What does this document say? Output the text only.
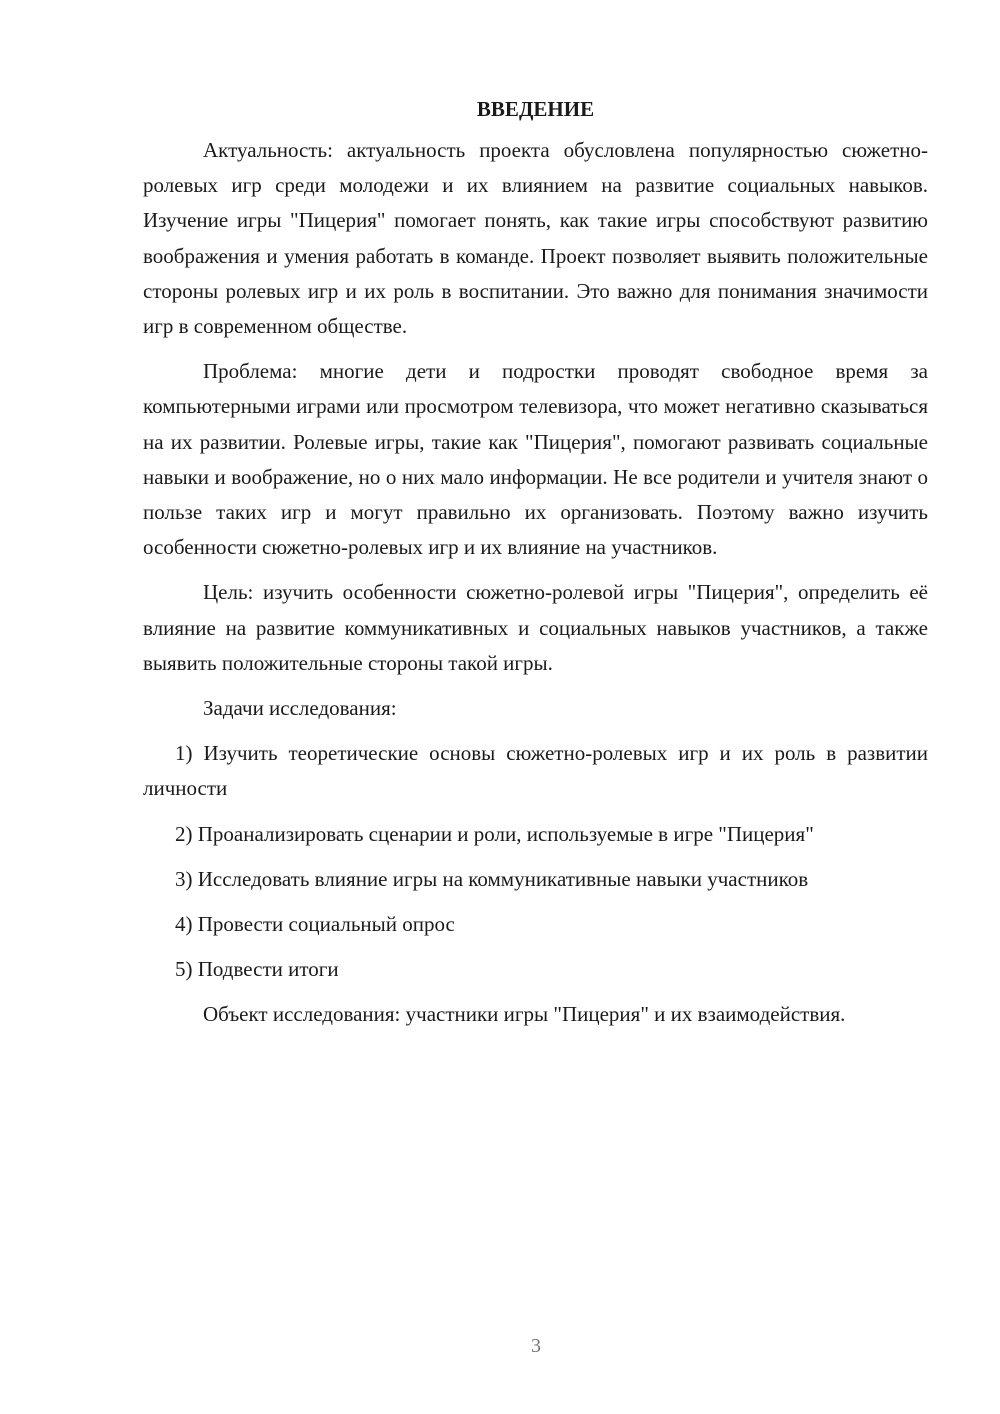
ВВЕДЕНИЕ

Актуальность: актуальность проекта обусловлена популярностью сюжетно-ролевых игр среди молодежи и их влиянием на развитие социальных навыков. Изучение игры "Пицерия" помогает понять, как такие игры способствуют развитию воображения и умения работать в команде. Проект позволяет выявить положительные стороны ролевых игр и их роль в воспитании. Это важно для понимания значимости игр в современном обществе.

Проблема: многие дети и подростки проводят свободное время за компьютерными играми или просмотром телевизора, что может негативно сказываться на их развитии. Ролевые игры, такие как "Пицерия", помогают развивать социальные навыки и воображение, но о них мало информации. Не все родители и учителя знают о пользе таких игр и могут правильно их организовать. Поэтому важно изучить особенности сюжетно-ролевых игр и их влияние на участников.

Цель: изучить особенности сюжетно-ролевой игры "Пицерия", определить её влияние на развитие коммуникативных и социальных навыков участников, а также выявить положительные стороны такой игры.

Задачи исследования:

1) Изучить теоретические основы сюжетно-ролевых игр и их роль в развитии личности

2) Проанализировать сценарии и роли, используемые в игре "Пицерия"

3) Исследовать влияние игры на коммуникативные навыки участников

4) Провести социальный опрос

5) Подвести итоги

Объект исследования: участники игры "Пицерия" и их взаимодействия.

3
